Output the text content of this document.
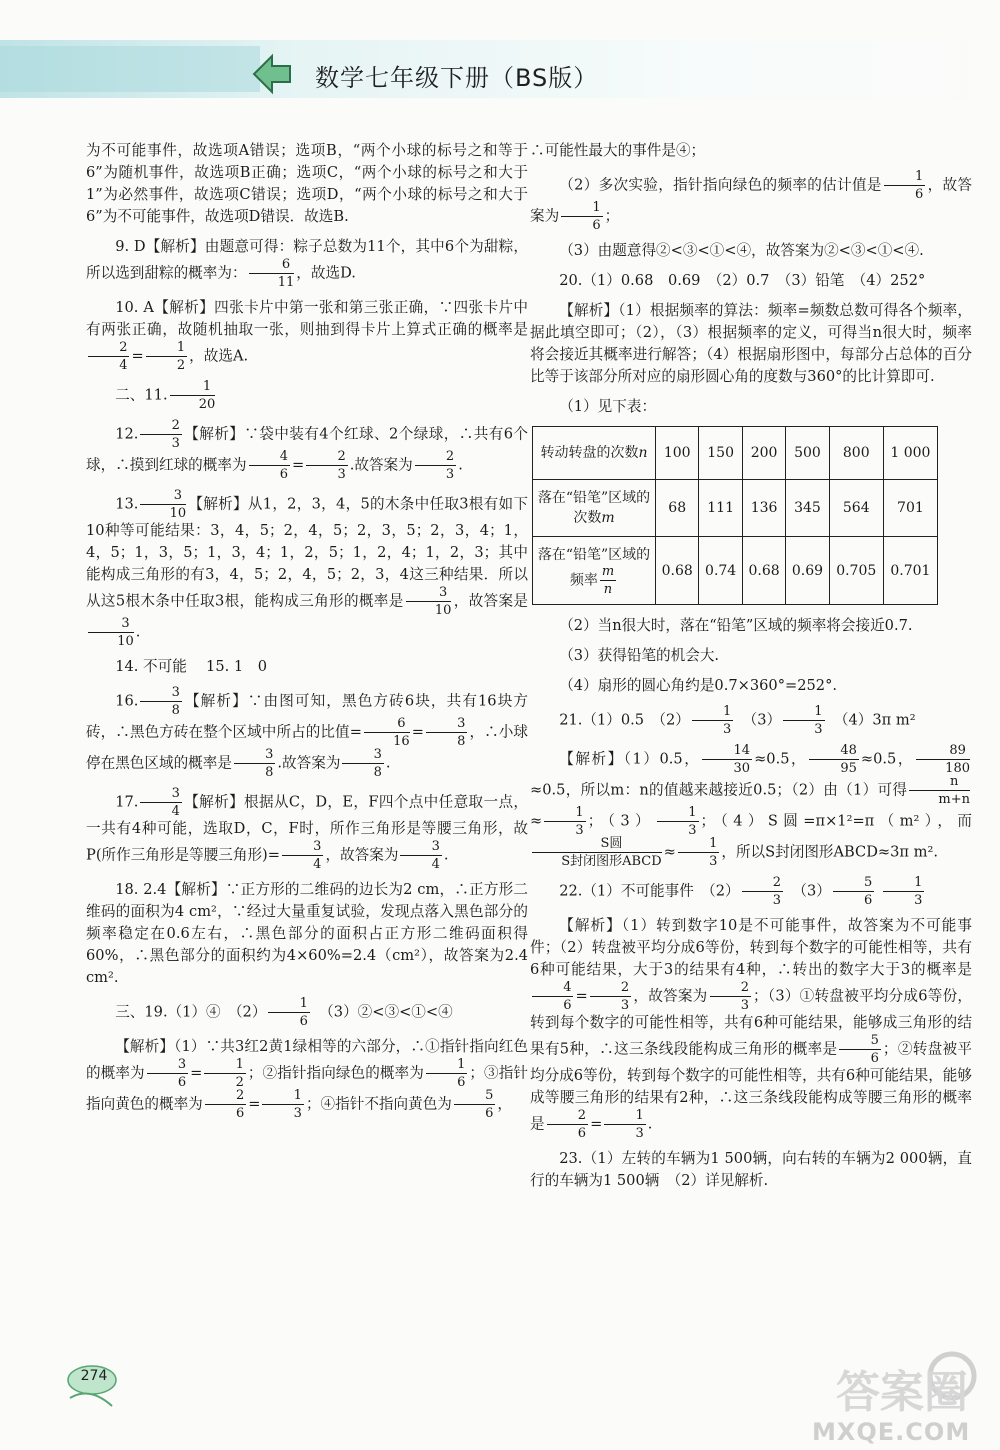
数学七年级下册（BS版）

为不可能事件，故选项A错误；选项B，“两个小球的标号之和等于6”为随机事件，故选项B正确；选项C，“两个小球的标号之和大于1”为必然事件，故选项C错误；选项D，“两个小球的标号之和大于6”为不可能事件，故选项D错误．故选B.

9. D【解析】由题意可得：粽子总数为11个，其中6个为甜粽，所以选到甜粽的概率为： $\frac{6}{11}$ ，故选D.

10. A【解析】四张卡片中第一张和第三张正确，∵四张卡片中有两张正确，故随机抽取一张，则抽到得卡片上算式正确的概率是
$\frac{2}{4} = \frac{1}{2}$ ，故选A.

二、11. $\frac{1}{20}$

12. $\frac{2}{3}$ 【解析】∵袋中装有4个红球、2个绿球，∴共有6个球，∴摸到红球的概率为 $\frac{4}{6} = \frac{2}{3}$ .故答案为 $\frac{2}{3}$ .

13. $\frac{3}{10}$ 【解析】从1，2，3，4，5的木条中任取3根有如下10种等可能结果：3，4，5；2，4，5；2，3，5；2，3，4；1，4，5；1，3，5；1，3，4；1，2，5；1，2，4；1，2，3；其中能构成三角形的有3，4，5；2，4，5；2，3，4这三种结果．所以从这5根木条中任取3根，能构成三角形的概率是 $\frac{3}{10}$ ，故答案是
$\frac{3}{10}$ .

14. 不可能　 15. 1　0

16. $\frac{3}{8}$ 【解析】∵由图可知，黑色方砖6块，共有16块方砖，∴黑色方砖在整个区域中所占的比值= $\frac{6}{16} = \frac{3}{8}$ ，∴小球停在黑色区域的概率是 $\frac{3}{8}$ .故答案为 $\frac{3}{8}$ .

17. $\frac{3}{4}$ 【解析】根据从C，D，E，F四个点中任意取一点，一共有4种可能，选取D，C，F时，所作三角形是等腰三角形，故P(所作三角形是等腰三角形)= $\frac{3}{4}$ ，故答案为 $\frac{3}{4}$ .

18. 2.4【解析】∵正方形的二维码的边长为2 cm，∴正方形二维码的面积为4 cm²，∵经过大量重复试验，发现点落入黑色部分的频率稳定在0.6左右，∴黑色部分的面积占正方形二维码面积得60%，∴黑色部分的面积约为4×60%=2.4（cm²），故答案为2.4 cm².

三、19.（1）④　$(2) \frac{1}{6}$ 　（3）②<③<①<④

【解析】（1）∵共3红2黄1绿相等的六部分，∴①指针指向红色的概率为 $\frac{3}{6} = \frac{1}{2}$ ；②指针指向绿色的概率为 $\frac{1}{6}$ ；③指针指向黄色的概率为 $\frac{2}{6} = \frac{1}{3}$ ；④指针不指向黄色为 $\frac{5}{6}$ ，

∴可能性最大的事件是④；

（2）多次实验，指针指向绿色的频率的估计值是 $\frac{1}{6}$ ，故答案为 $\frac{1}{6}$ ；

（3）由题意得②<③<①<④，故答案为②<③<①<④.

20.（1）0.68　0.69　（2）0.7　（3）铅笔　（4）252°

【解析】（1）根据频率的算法：频率=频数总数可得各个频率，据此填空即可；（2），（3）根据频率的定义，可得当n很大时，频率将会接近其概率进行解答；（4）根据扇形图中，每部分占总体的百分比等于该部分所对应的扇形圆心角的度数与360°的比计算即可.

（1）见下表：

转动转盘的次数n	100	150	200	500	800	1 000
落在“铅笔”区域的次数m	68	111	136	345	564	701
落在“铅笔”区域的频率 $\frac{m}{n}$	0.68	0.74	0.68	0.69	0.705	0.701

（2）当n很大时，落在“铅笔”区域的频率将会接近0.7.

（3）获得铅笔的机会大.

（4）扇形的圆心角约是0.7×360°=252°.

21.（1）0.5　$(2) \frac{1}{3}$ 　$(3) \frac{1}{3}$ 　（4）3π m²

【解析】（1）0.5， $\frac{14}{30} \approx 0.5$， $\frac{48}{95} \approx 0.5$， $\frac{89}{180}$
≈0.5，所以m：n的值越来越接近0.5；（2）由（1）可得 $\frac{n}{m+n}$
≈ $\frac{1}{3}$ ；$(3) \frac{1}{3}$ ；（4）S圆=π×1²=π（m²），而
$\frac{\text{S圆}}{\text{S封闭图形ABCD}} \approx \frac{1}{3}$ ，所以S封闭图形ABCD≈3π m².

22.（1）不可能事件　$(2) \frac{2}{3}$ 　$(3) \frac{5}{6}$
$\frac{1}{3}$

【解析】（1）转到数字10是不可能事件，故答案为不可能事件；（2）转盘被平均分成6等份，转到每个数字的可能性相等，共有6种可能结果，大于3的结果有4种，∴转出的数字大于3的概率是
$\frac{4}{6} = \frac{2}{3}$ ，故答案为 $\frac{2}{3}$ ；（3）①转盘被平均分成6等份，转到每个数字的可能性相等，共有6种可能结果，能够成三角形的结果有5种，∴这三条线段能构成三角形的概率是 $\frac{5}{6}$ ；②转盘被平均分成6等份，转到每个数字的可能性相等，共有6种可能结果，能够成等腰三角形的结果有2种，∴这三条线段能构成等腰三角形的概率是 $\frac{2}{6} = \frac{1}{3}$ .

23.（1）左转的车辆为1 500辆，向右转的车辆为2 000辆，直行的车辆为1 500辆　（2）详见解析.

274	答案圈
MXQE.COM
